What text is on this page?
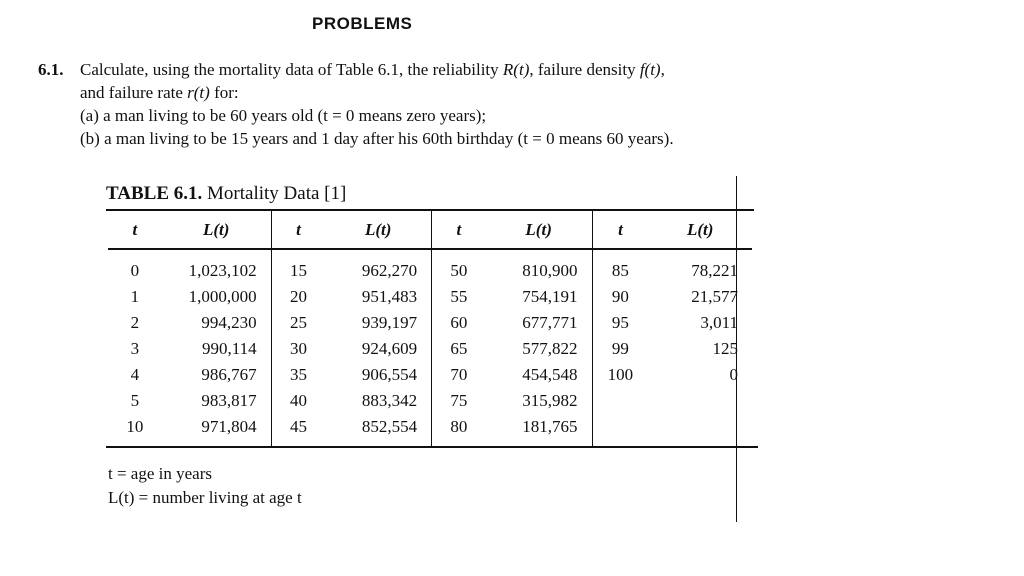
PROBLEMS
6.1. Calculate, using the mortality data of Table 6.1, the reliability R(t), failure density f(t),
and failure rate r(t) for:
(a) a man living to be 60 years old (t = 0 means zero years);
(b) a man living to be 15 years and 1 day after his 60th birthday (t = 0 means 60 years).
TABLE 6.1. Mortality Data [1]
t	L(t)	t	L(t)	t	L(t)	t	L(t)
0	1,023,102	15	962,270	50	810,900	85	78,221
1	1,000,000	20	951,483	55	754,191	90	21,577
2	994,230	25	939,197	60	677,771	95	3,011
3	990,114	30	924,609	65	577,822	99	125
4	986,767	35	906,554	70	454,548	100	0
5	983,817	40	883,342	75	315,982		
10	971,804	45	852,554	80	181,765		
t = age in years
L(t) = number living at age t
